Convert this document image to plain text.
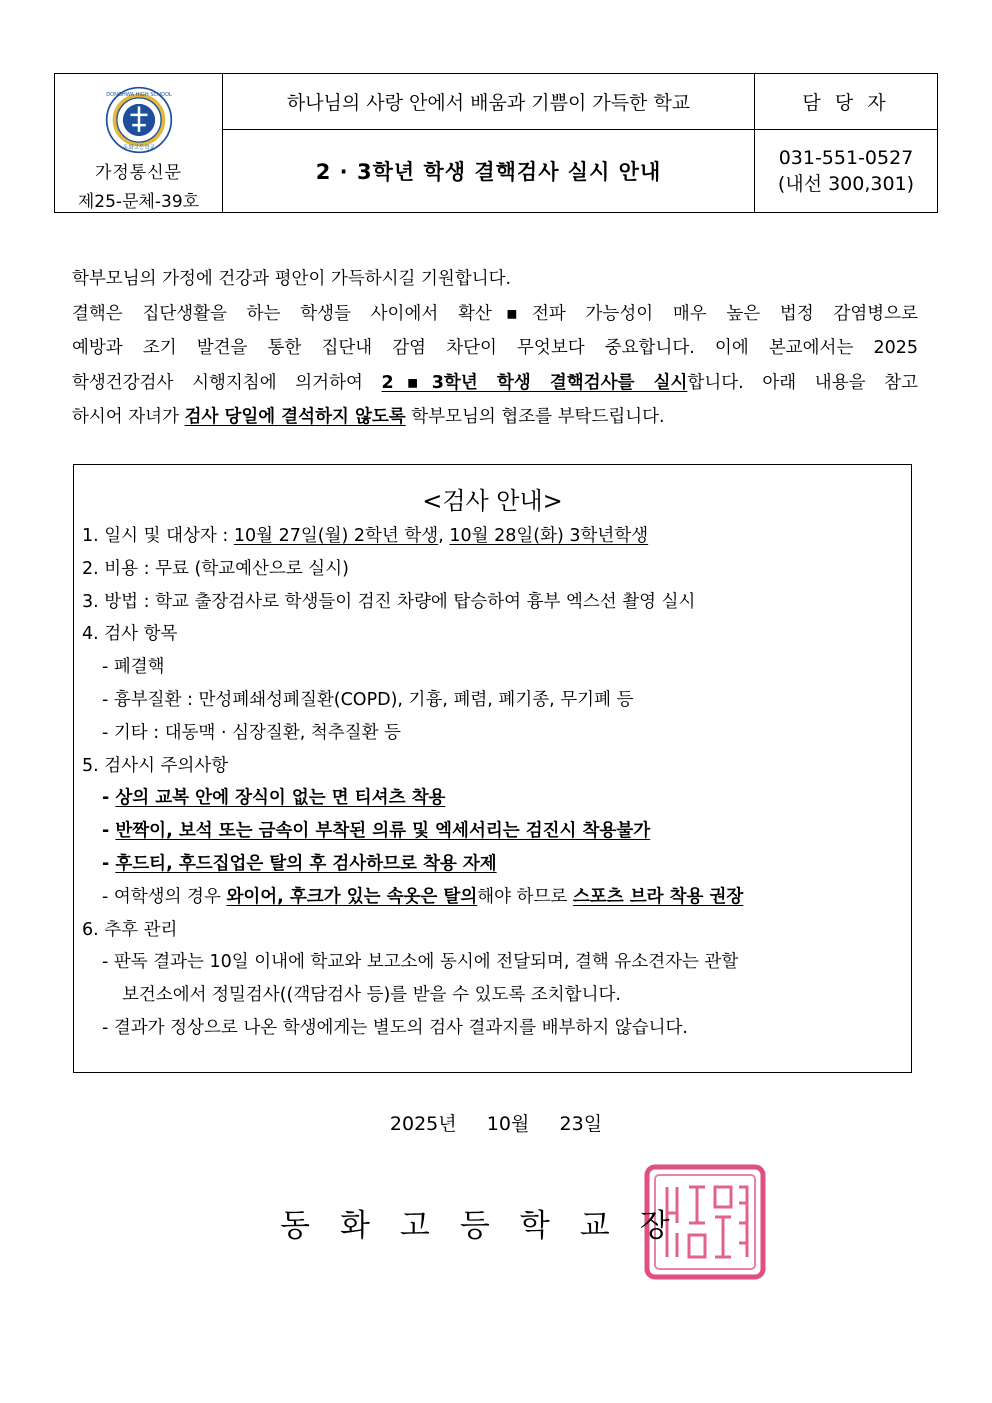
DONGHWA HIGH SCHOOL
동화고등학교
가정통신문
제25-문체-39호
하나님의 사랑 안에서 배움과 기쁨이 가득한 학교
2 · 3학년 학생 결핵검사 실시 안내
담 당 자
031-551-0527
(내선 300,301)

학부모님의 가정에 건강과 평안이 가득하시길 기원합니다.

결핵은 집단생활을 하는 학생들 사이에서 확산▪전파 가능성이 매우 높은 법정 감염병으로

예방과 조기 발견을 통한 집단내 감염 차단이 무엇보다 중요합니다. 이에 본교에서는 2025

학생건강검사 시행지침에 의거하여 2▪3학년 학생 결핵검사를 실시합니다. 아래 내용을 참고

하시어 자녀가 검사 당일에 결석하지 않도록 학부모님의 협조를 부탁드립니다.

<검사 안내>
1. 일시 및 대상자 : 10월 27일(월) 2학년 학생, 10월 28일(화) 3학년학생
2. 비용 : 무료 (학교예산으로 실시)
3. 방법 : 학교 출장검사로 학생들이 검진 차량에 탑승하여 흉부 엑스선 촬영 실시
4. 검사 항목
- 폐결핵
- 흉부질환 : 만성폐쇄성폐질환(COPD), 기흉, 폐렴, 폐기종, 무기폐 등
- 기타 : 대동맥 · 심장질환, 척추질환 등
5. 검사시 주의사항
- 상의 교복 안에 장식이 없는 면 티셔츠 착용
- 반짝이, 보석 또는 금속이 부착된 의류 및 엑세서리는 검진시 착용불가
- 후드티, 후드집업은 탈의 후 검사하므로 착용 자제
- 여학생의 경우 와이어, 후크가 있는 속옷은 탈의해야 하므로 스포츠 브라 착용 권장
6. 추후 관리
- 판독 결과는 10일 이내에 학교와 보고소에 동시에 전달되며, 결핵 유소견자는 관할
보건소에서 정밀검사((객담검사 등)를 받을 수 있도록 조치합니다.
- 결과가 정상으로 나온 학생에게는 별도의 검사 결과지를 배부하지 않습니다.
2025년     10월     23일
동화고등학교장
